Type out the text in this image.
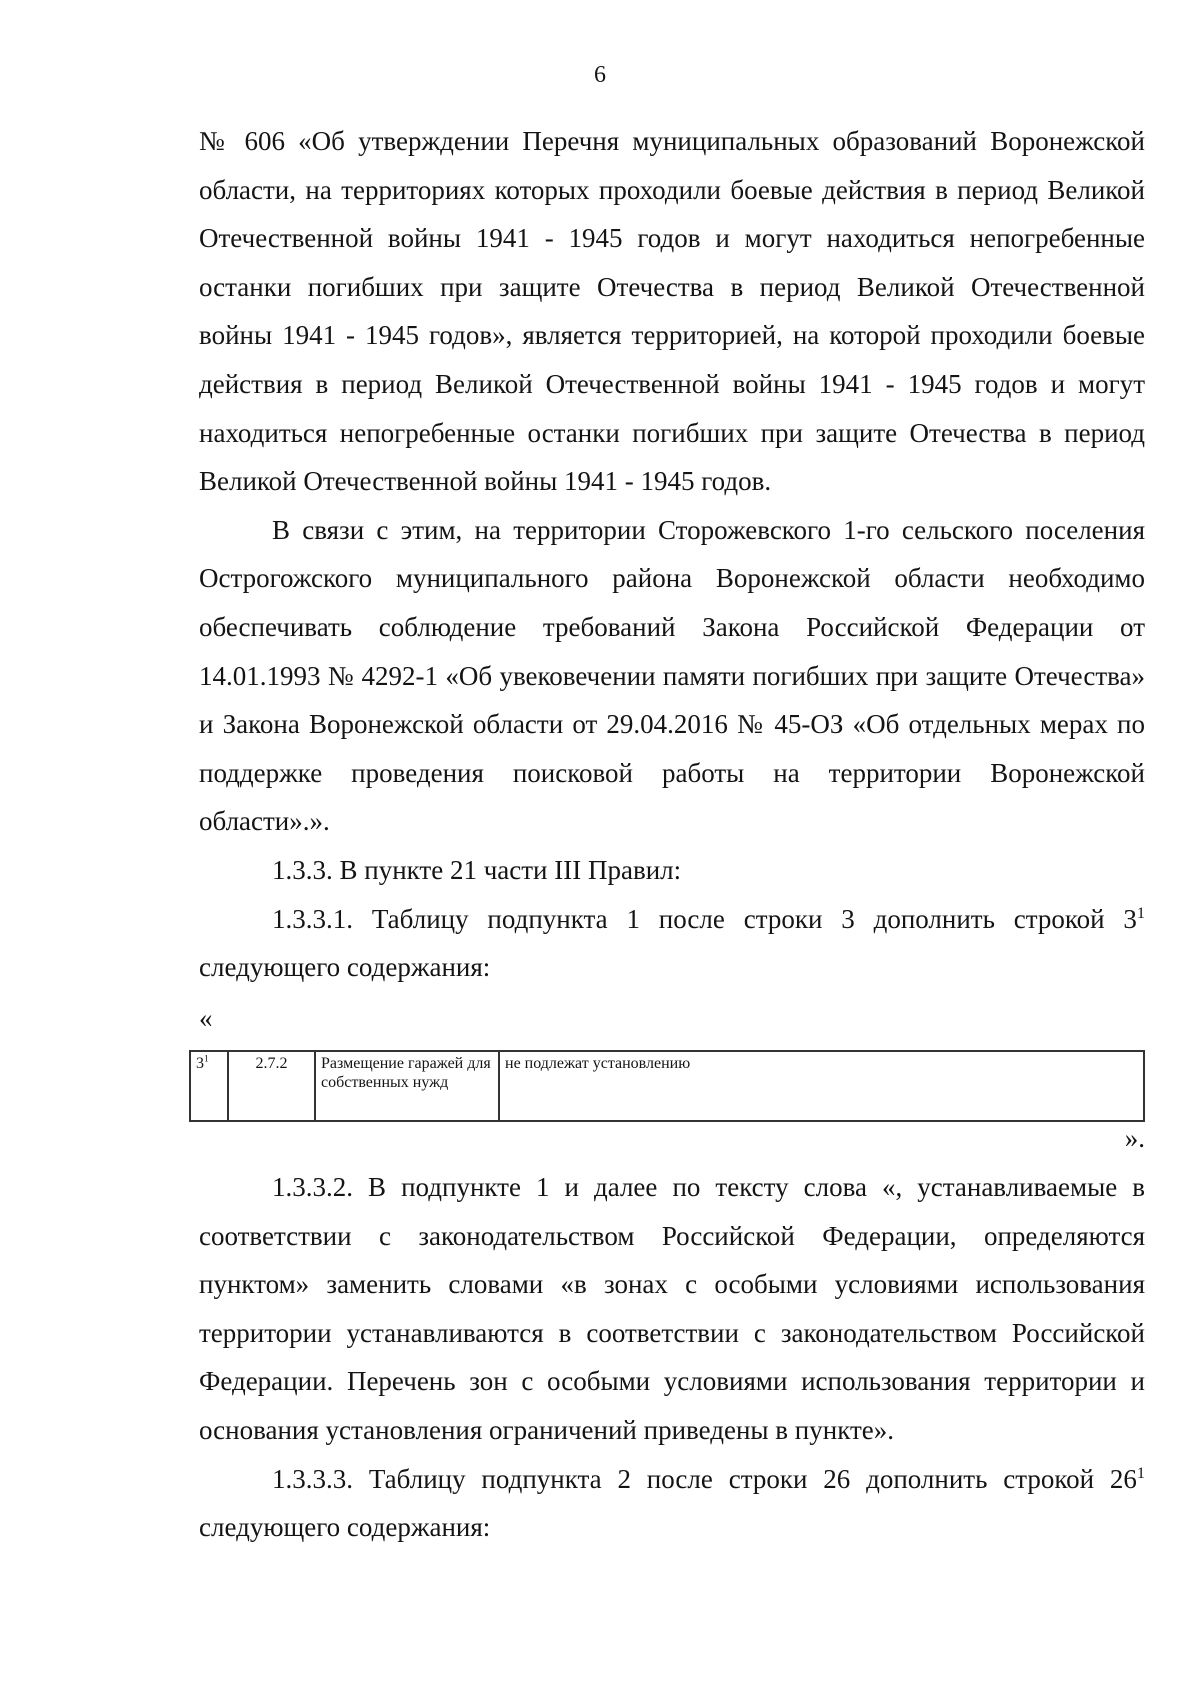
6

№ 606 «Об утверждении Перечня муниципальных образований Воронежской области, на территориях которых проходили боевые действия в период Великой Отечественной войны 1941 - 1945 годов и могут находиться непогребенные останки погибших при защите Отечества в период Великой Отечественной войны 1941 - 1945 годов», является территорией, на которой проходили боевые действия в период Великой Отечественной войны 1941 - 1945 годов и могут находиться непогребенные останки погибших при защите Отечества в период Великой Отечественной войны 1941 - 1945 годов.

В связи с этим, на территории Сторожевского 1-го сельского поселения Острогожского муниципального района Воронежской области необходимо обеспечивать соблюдение требований Закона Российской Федерации от 14.01.1993 № 4292-1 «Об увековечении памяти погибших при защите Отечества» и Закона Воронежской области от 29.04.2016 № 45-ОЗ «Об отдельных мерах по поддержке проведения поисковой работы на территории Воронежской области».».

1.3.3. В пункте 21 части III Правил:

1.3.3.1. Таблицу подпункта 1 после строки 3 дополнить строкой $3^1$ следующего содержания:

«
$3^1$	2.7.2	Размещение гаражей для собственных нужд	не подлежат установлению
».

1.3.3.2. В подпункте 1 и далее по тексту слова «, устанавливаемые в соответствии с законодательством Российской Федерации, определяются пунктом» заменить словами «в зонах с особыми условиями использования территории устанавливаются в соответствии с законодательством Российской Федерации. Перечень зон с особыми условиями использования территории и основания установления ограничений приведены в пункте».

1.3.3.3. Таблицу подпункта 2 после строки 26 дополнить строкой $26^1$ следующего содержания:
